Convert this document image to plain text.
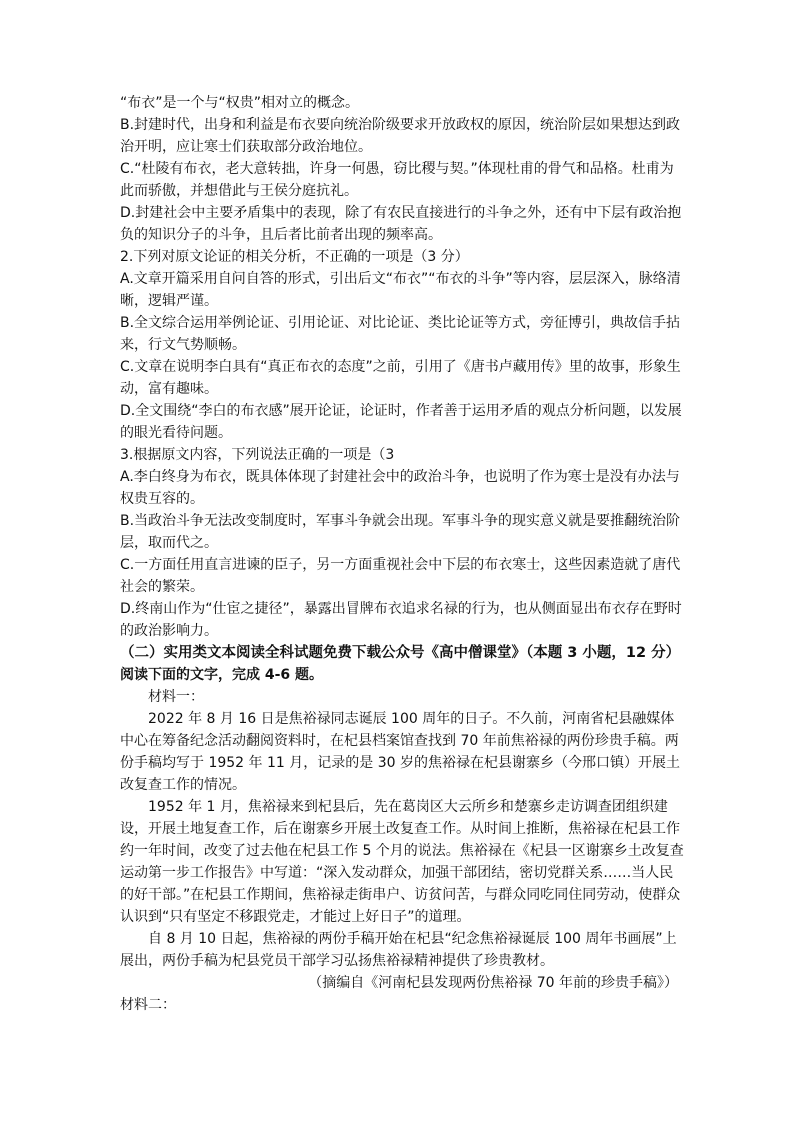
“布衣”是一个与“权贵”相对立的概念。

B.封建时代，出身和利益是布衣要向统治阶级要求开放政权的原因，统治阶层如果想达到政治开明，应让寒士们获取部分政治地位。

C.“杜陵有布衣，老大意转拙，许身一何愚，窃比稷与契。”体现杜甫的骨气和品格。杜甫为此而骄傲，并想借此与王侯分庭抗礼。

D.封建社会中主要矛盾集中的表现，除了有农民直接进行的斗争之外，还有中下层有政治抱负的知识分子的斗争，且后者比前者出现的频率高。

2.下列对原文论证的相关分析，不正确的一项是（3 分）

A.文章开篇采用自问自答的形式，引出后文“布衣”“布衣的斗争”等内容，层层深入，脉络清晰，逻辑严谨。

B.全文综合运用举例论证、引用论证、对比论证、类比论证等方式，旁征博引，典故信手拈来，行文气势顺畅。

C.文章在说明李白具有“真正布衣的态度”之前，引用了《唐书卢藏用传》里的故事，形象生动，富有趣味。

D.全文围绕“李白的布衣感”展开论证，论证时，作者善于运用矛盾的观点分析问题，以发展的眼光看待问题。

3.根据原文内容，下列说法正确的一项是（3

A.李白终身为布衣，既具体体现了封建社会中的政治斗争，也说明了作为寒士是没有办法与权贵互容的。

B.当政治斗争无法改变制度时，军事斗争就会出现。军事斗争的现实意义就是要推翻统治阶层，取而代之。

C.一方面任用直言进谏的臣子，另一方面重视社会中下层的布衣寒士，这些因素造就了唐代社会的繁荣。

D.终南山作为“仕宦之捷径”，暴露出冒牌布衣追求名禄的行为，也从侧面显出布衣存在野时的政治影响力。

（二）实用类文本阅读全科试题免费下载公众号《高中僧课堂》（本题 3 小题，12 分）

阅读下面的文字，完成 4-6 题。

材料一：

2022 年 8 月 16 日是焦裕禄同志诞辰 100 周年的日子。不久前，河南省杞县融媒体中心在筹备纪念活动翻阅资料时，在杞县档案馆查找到 70 年前焦裕禄的两份珍贵手稿。两份手稿均写于 1952 年 11 月，记录的是 30 岁的焦裕禄在杞县谢寨乡（今邢口镇）开展土改复查工作的情况。

1952 年 1 月，焦裕禄来到杞县后，先在葛岗区大云所乡和楚寨乡走访调查团组织建设，开展土地复查工作，后在谢寨乡开展土改复查工作。从时间上推断，焦裕禄在杞县工作约一年时间，改变了过去他在杞县工作 5 个月的说法。焦裕禄在《杞县一区谢寨乡土改复查运动第一步工作报告》中写道：“深入发动群众，加强干部团结，密切党群关系……当人民的好干部。”在杞县工作期间，焦裕禄走街串户、访贫问苦，与群众同吃同住同劳动，使群众认识到“只有坚定不移跟党走，才能过上好日子”的道理。

自 8 月 10 日起，焦裕禄的两份手稿开始在杞县“纪念焦裕禄诞辰 100 周年书画展”上展出，两份手稿为杞县党员干部学习弘扬焦裕禄精神提供了珍贵教材。

（摘编自《河南杞县发现两份焦裕禄 70 年前的珍贵手稿》）

材料二：
